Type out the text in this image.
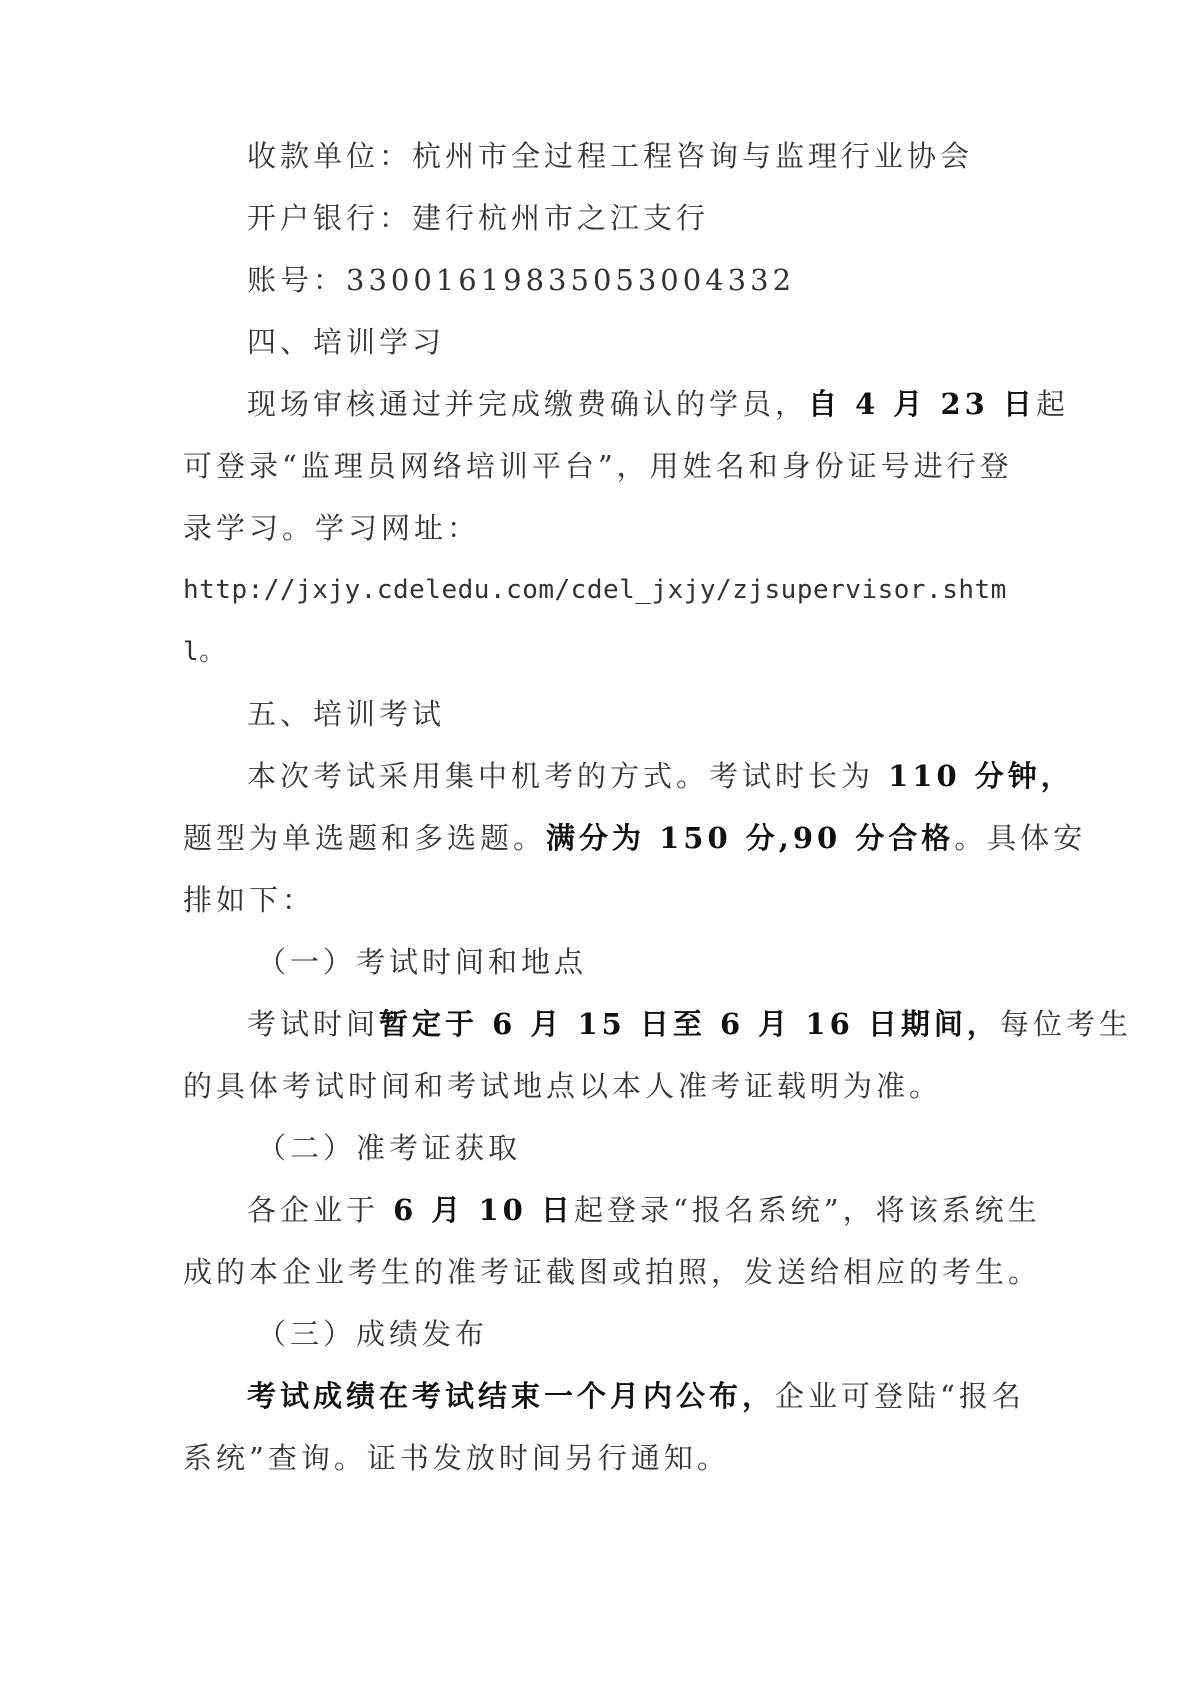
收款单位：杭州市全过程工程咨询与监理行业协会
开户银行：建行杭州市之江支行
账号：33001619835053004332
四、培训学习
现场审核通过并完成缴费确认的学员，自 4 月 23 日起
可登录“监理员网络培训平台”，用姓名和身份证号进行登
录学习。学习网址：
http://jxjy.cdeledu.com/cdel_jxjy/zjsupervisor.shtm
l。
五、培训考试
本次考试采用集中机考的方式。考试时长为 110 分钟，
题型为单选题和多选题。满分为 150 分,90 分合格。具体安
排如下：
（一）考试时间和地点
考试时间暂定于 6 月 15 日至 6 月 16 日期间，每位考生
的具体考试时间和考试地点以本人准考证载明为准。
（二）准考证获取
各企业于 6 月 10 日起登录“报名系统”，将该系统生
成的本企业考生的准考证截图或拍照，发送给相应的考生。
（三）成绩发布
考试成绩在考试结束一个月内公布，企业可登陆“报名
系统”查询。证书发放时间另行通知。
